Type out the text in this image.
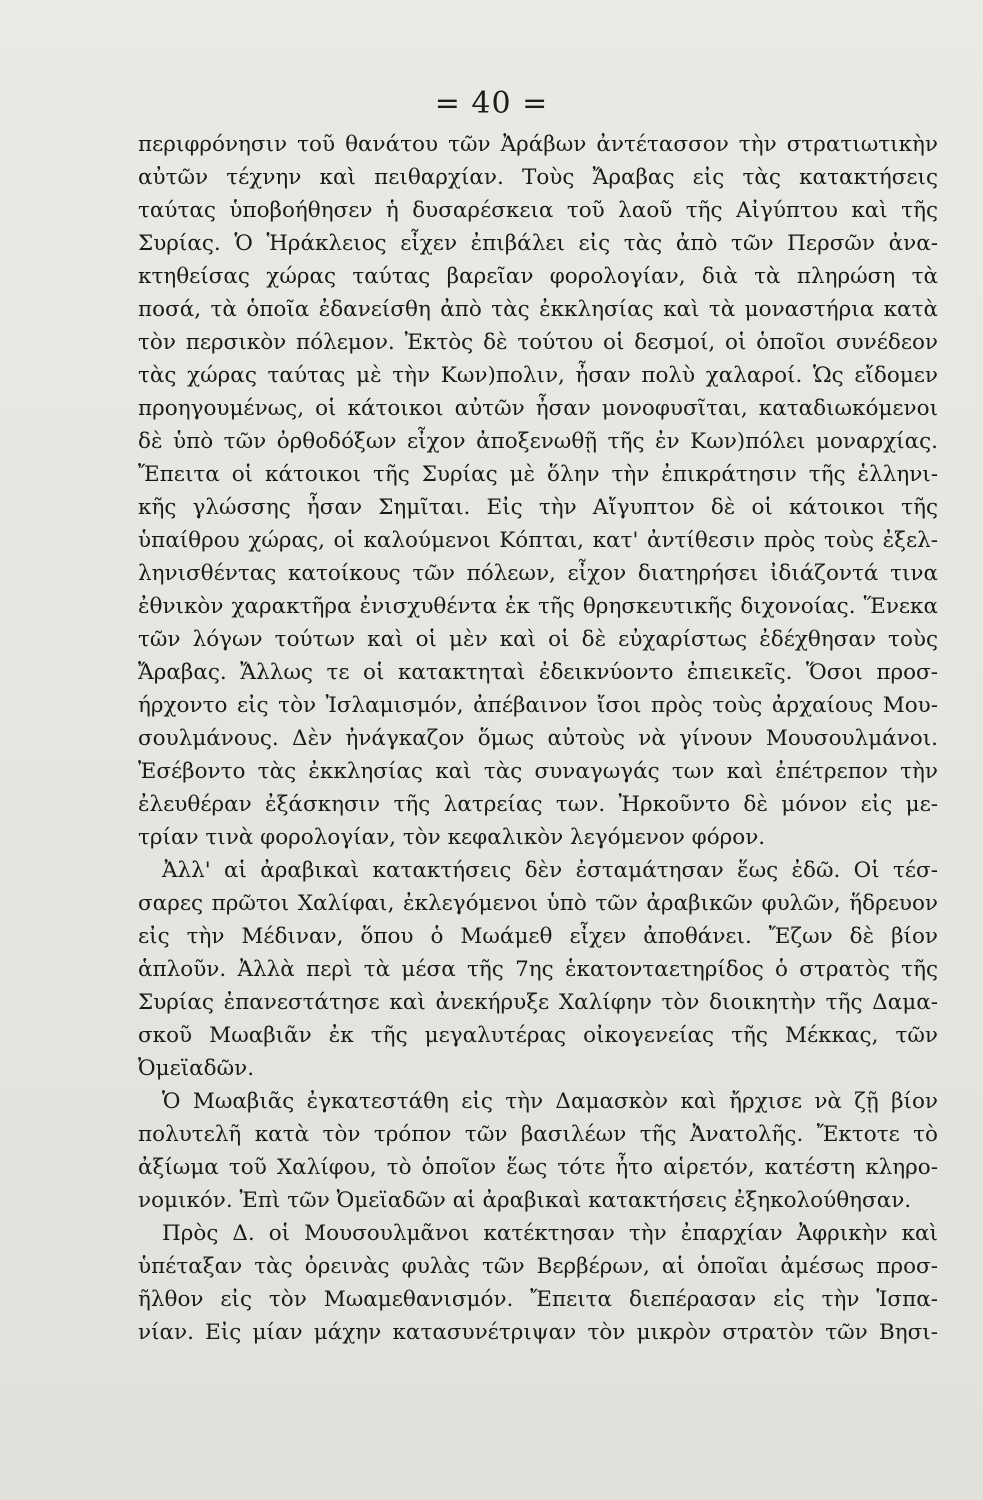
= 40 =
περιφρόνησιν τοῦ θανάτου τῶν Ἀράβων ἀντέτασσον τὴν στρατιωτικὴν
αὐτῶν τέχνην καὶ πειθαρχίαν. Τοὺς Ἄραβας εἰς τὰς κατακτήσεις
ταύτας ὑποβοήθησεν ἡ δυσαρέσκεια τοῦ λαοῦ τῆς Αἰγύπτου καὶ τῆς
Συρίας. Ὁ Ἡράκλειος εἶχεν ἐπιβάλει εἰς τὰς ἀπὸ τῶν Περσῶν ἀνα-
κτηθείσας χώρας ταύτας βαρεῖαν φορολογίαν, διὰ τὰ πληρώση τὰ
ποσά, τὰ ὁποῖα ἐδανείσθη ἀπὸ τὰς ἐκκλησίας καὶ τὰ μοναστήρια κατὰ
τὸν περσικὸν πόλεμον. Ἐκτὸς δὲ τούτου οἱ δεσμοί, οἱ ὁποῖοι συνέδεον
τὰς χώρας ταύτας μὲ τὴν Κων)πολιν, ἦσαν πολὺ χαλαροί. Ὡς εἴδομεν
προηγουμένως, οἱ κάτοικοι αὐτῶν ἦσαν μονοφυσῖται, καταδιωκόμενοι
δὲ ὑπὸ τῶν ὀρθοδόξων εἶχον ἀποξενωθῇ τῆς ἐν Κων)πόλει μοναρχίας.
Ἔπειτα οἱ κάτοικοι τῆς Συρίας μὲ ὅλην τὴν ἐπικράτησιν τῆς ἑλληνι-
κῆς γλώσσης ἦσαν Σημῖται. Εἰς τὴν Αἴγυπτον δὲ οἱ κάτοικοι τῆς
ὑπαίθρου χώρας, οἱ καλούμενοι Κόπται, κατ' ἀντίθεσιν πρὸς τοὺς ἐξελ-
ληνισθέντας κατοίκους τῶν πόλεων, εἶχον διατηρήσει ἰδιάζοντά τινα
ἐθνικὸν χαρακτῆρα ἐνισχυθέντα ἐκ τῆς θρησκευτικῆς διχονοίας. Ἕνεκα
τῶν λόγων τούτων καὶ οἱ μὲν καὶ οἱ δὲ εὐχαρίστως ἐδέχθησαν τοὺς
Ἄραβας. Ἄλλως τε οἱ κατακτηταὶ ἐδεικνύοντο ἐπιεικεῖς. Ὅσοι προσ-
ήρχοντο εἰς τὸν Ἰσλαμισμόν, ἀπέβαινον ἴσοι πρὸς τοὺς ἀρχαίους Μου-
σουλμάνους. Δὲν ἠνάγκαζον ὅμως αὐτοὺς νὰ γίνουν Μουσουλμάνοι.
Ἐσέβοντο τὰς ἐκκλησίας καὶ τὰς συναγωγάς των καὶ ἐπέτρεπον τὴν
ἐλευθέραν ἐξάσκησιν τῆς λατρείας των. Ἠρκοῦντο δὲ μόνον εἰς με-
τρίαν τινὰ φορολογίαν, τὸν κεφαλικὸν λεγόμενον φόρον.
Ἀλλ' αἱ ἀραβικαὶ κατακτήσεις δὲν ἐσταμάτησαν ἕως ἐδῶ. Οἱ τέσ-
σαρες πρῶτοι Χαλίφαι, ἐκλεγόμενοι ὑπὸ τῶν ἀραβικῶν φυλῶν, ἥδρευον
εἰς τὴν Μέδιναν, ὅπου ὁ Μωάμεθ εἶχεν ἀποθάνει. Ἔζων δὲ βίον
ἁπλοῦν. Ἀλλὰ περὶ τὰ μέσα τῆς 7ης ἑκατονταετηρίδος ὁ στρατὸς τῆς
Συρίας ἐπανεστάτησε καὶ ἀνεκήρυξε Χαλίφην τὸν διοικητὴν τῆς Δαμα-
σκοῦ Μωαβιᾶν ἐκ τῆς μεγαλυτέρας οἰκογενείας τῆς Μέκκας, τῶν
Ὀμεϊαδῶν.
Ὁ Μωαβιᾶς ἐγκατεστάθη εἰς τὴν Δαμασκὸν καὶ ἤρχισε νὰ ζῇ βίον
πολυτελῆ κατὰ τὸν τρόπον τῶν βασιλέων τῆς Ἀνατολῆς. Ἔκτοτε τὸ
ἀξίωμα τοῦ Χαλίφου, τὸ ὁποῖον ἕως τότε ἦτο αἱρετόν, κατέστη κληρο-
νομικόν. Ἐπὶ τῶν Ὀμεϊαδῶν αἱ ἀραβικαὶ κατακτήσεις ἐξηκολούθησαν.
Πρὸς Δ. οἱ Μουσουλμᾶνοι κατέκτησαν τὴν ἐπαρχίαν Ἀφρικὴν καὶ
ὑπέταξαν τὰς ὀρεινὰς φυλὰς τῶν Βερβέρων, αἱ ὁποῖαι ἀμέσως προσ-
ῆλθον εἰς τὸν Μωαμεθανισμόν. Ἔπειτα διεπέρασαν εἰς τὴν Ἱσπα-
νίαν. Εἰς μίαν μάχην κατασυνέτριψαν τὸν μικρὸν στρατὸν τῶν Βησι-
